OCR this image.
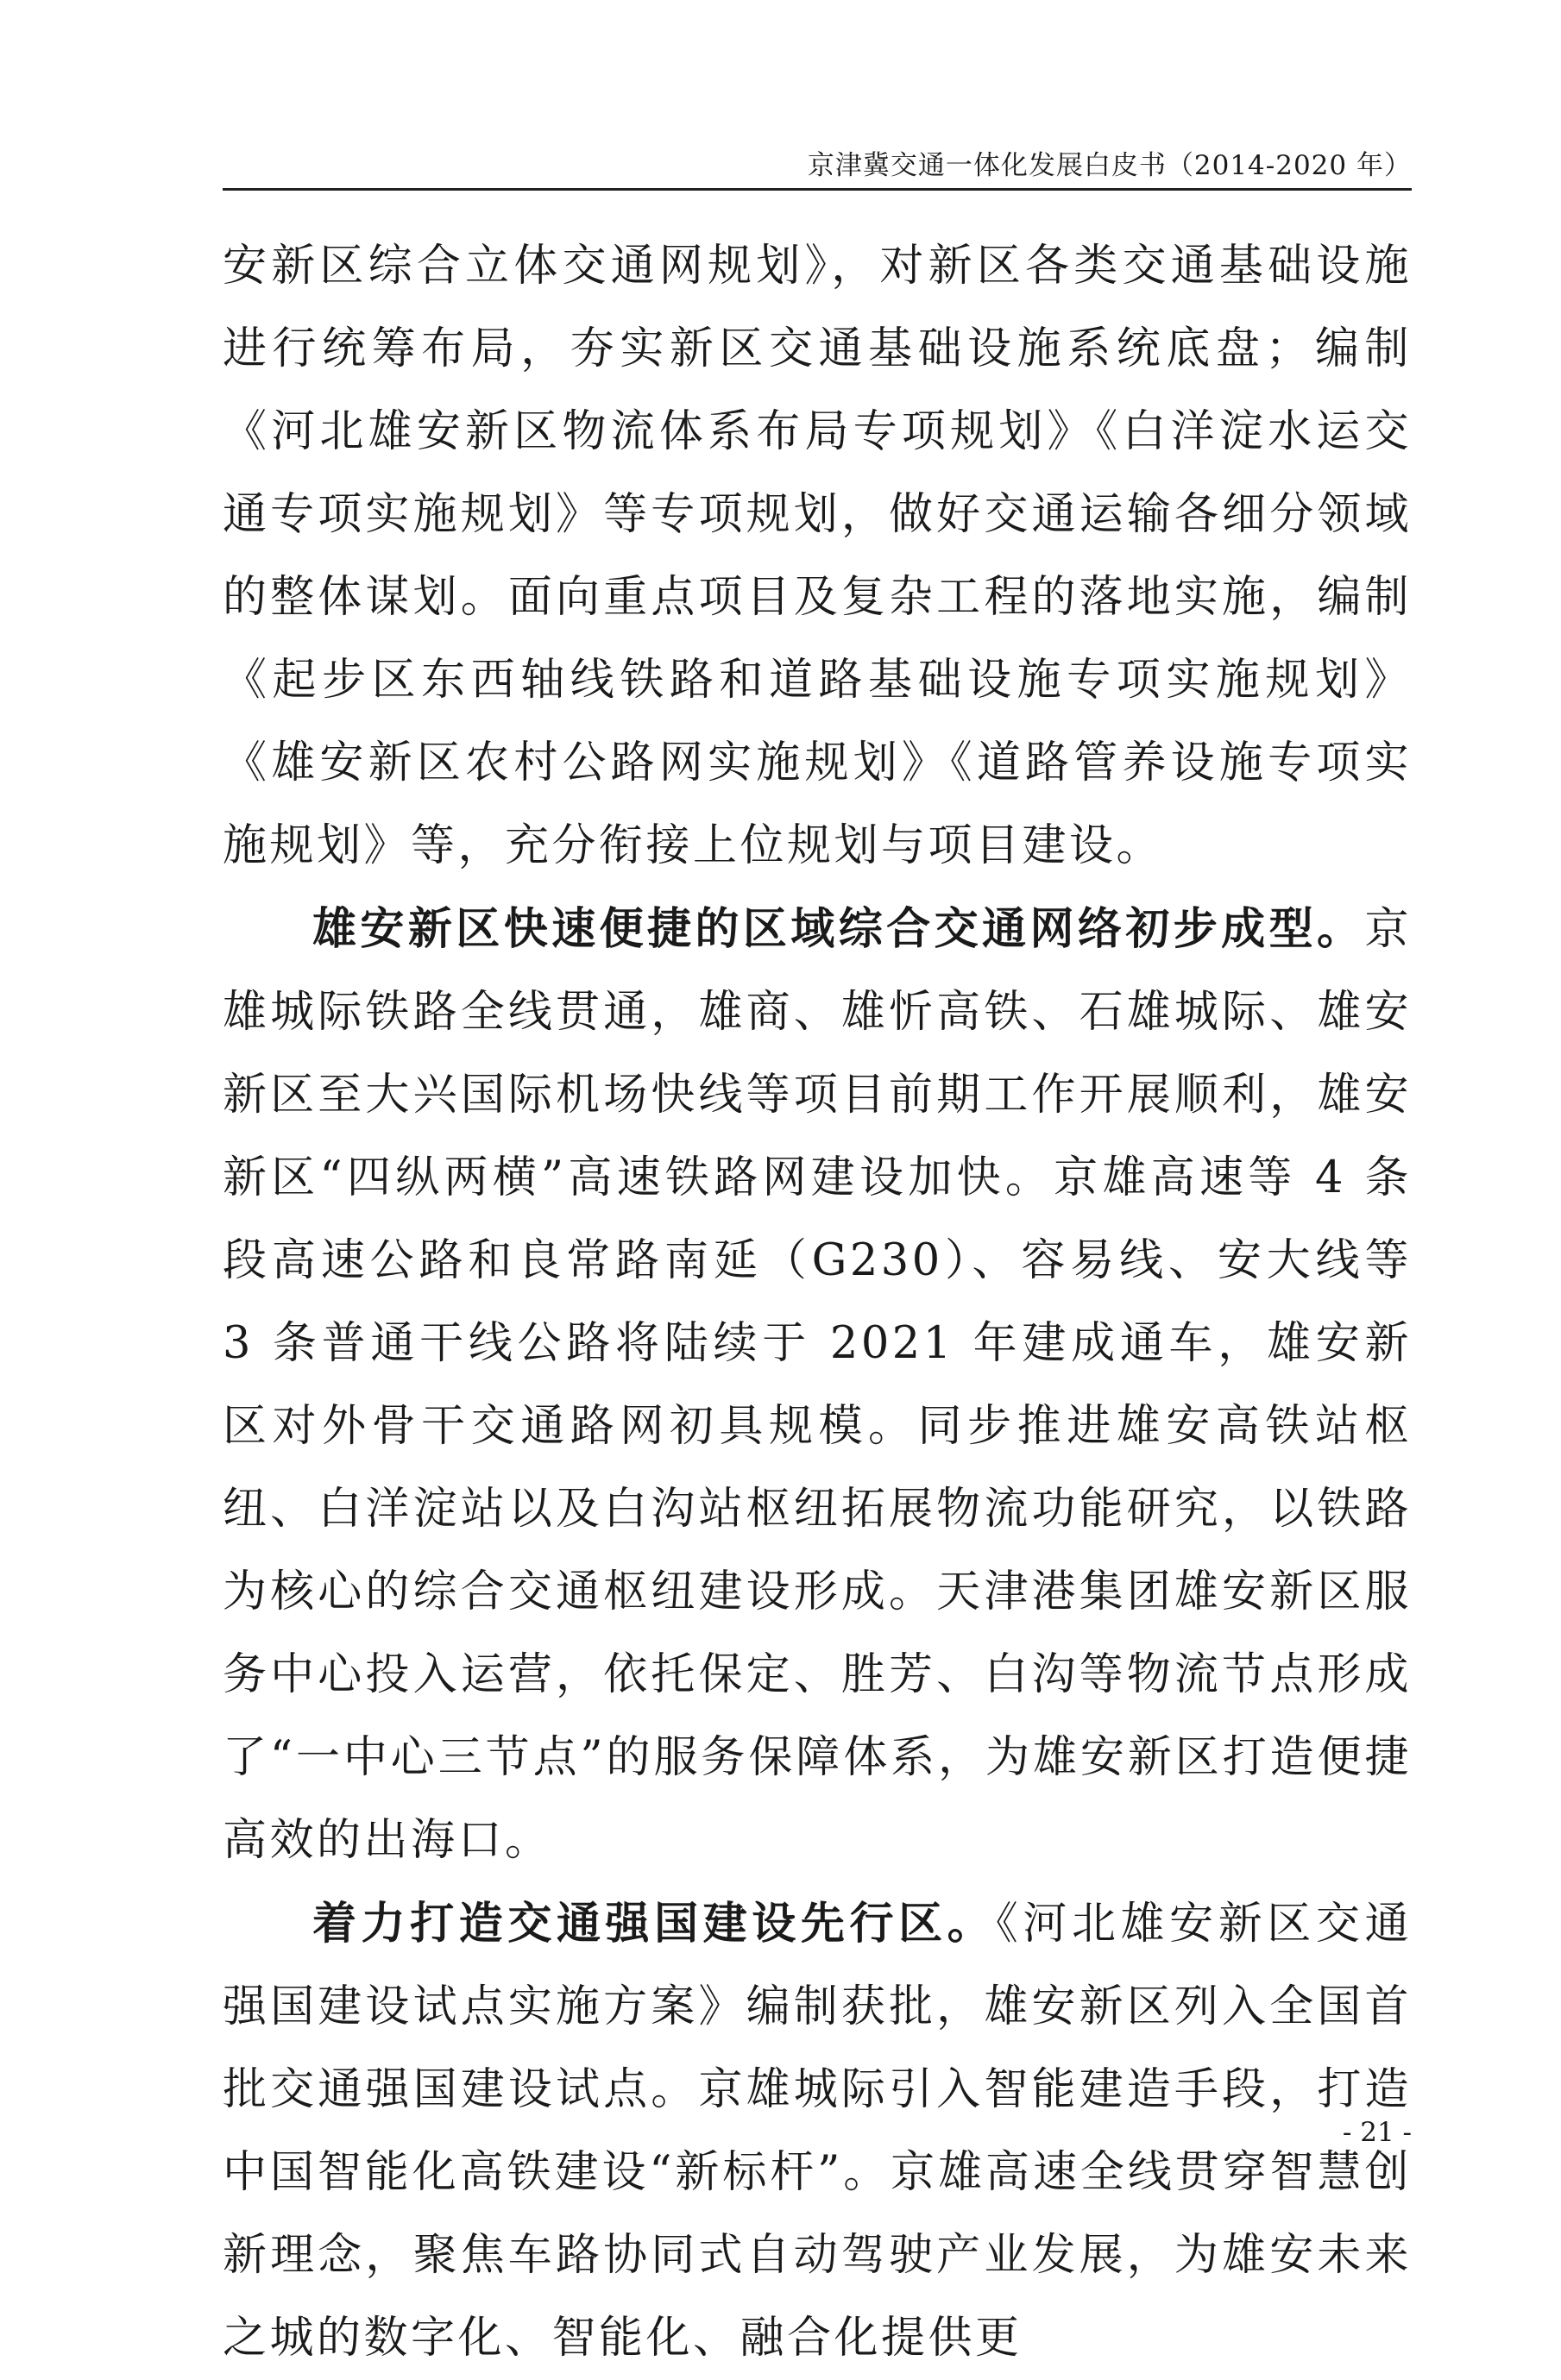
京津冀交通一体化发展白皮书（2014-2020 年）

安新区综合立体交通网规划》，对新区各类交通基础设施进行统筹布局，夯实新区交通基础设施系统底盘；编制《河北雄安新区物流体系布局专项规划》《白洋淀水运交通专项实施规划》等专项规划，做好交通运输各细分领域的整体谋划。面向重点项目及复杂工程的落地实施，编制《起步区东西轴线铁路和道路基础设施专项实施规划》《雄安新区农村公路网实施规划》《道路管养设施专项实施规划》等，充分衔接上位规划与项目建设。

雄安新区快速便捷的区域综合交通网络初步成型。京雄城际铁路全线贯通，雄商、雄忻高铁、石雄城际、雄安新区至大兴国际机场快线等项目前期工作开展顺利，雄安新区“四纵两横”高速铁路网建设加快。京雄高速等 4 条段高速公路和良常路南延（G230）、容易线、安大线等 3 条普通干线公路将陆续于 2021 年建成通车，雄安新区对外骨干交通路网初具规模。同步推进雄安高铁站枢纽、白洋淀站以及白沟站枢纽拓展物流功能研究，以铁路为核心的综合交通枢纽建设形成。天津港集团雄安新区服务中心投入运营，依托保定、胜芳、白沟等物流节点形成了“一中心三节点”的服务保障体系，为雄安新区打造便捷高效的出海口。

着力打造交通强国建设先行区。《河北雄安新区交通强国建设试点实施方案》编制获批，雄安新区列入全国首批交通强国建设试点。京雄城际引入智能建造手段，打造中国智能化高铁建设“新标杆”。京雄高速全线贯穿智慧创新理念，聚焦车路协同式自动驾驶产业发展，为雄安未来之城的数字化、智能化、融合化提供更

- 21 -
